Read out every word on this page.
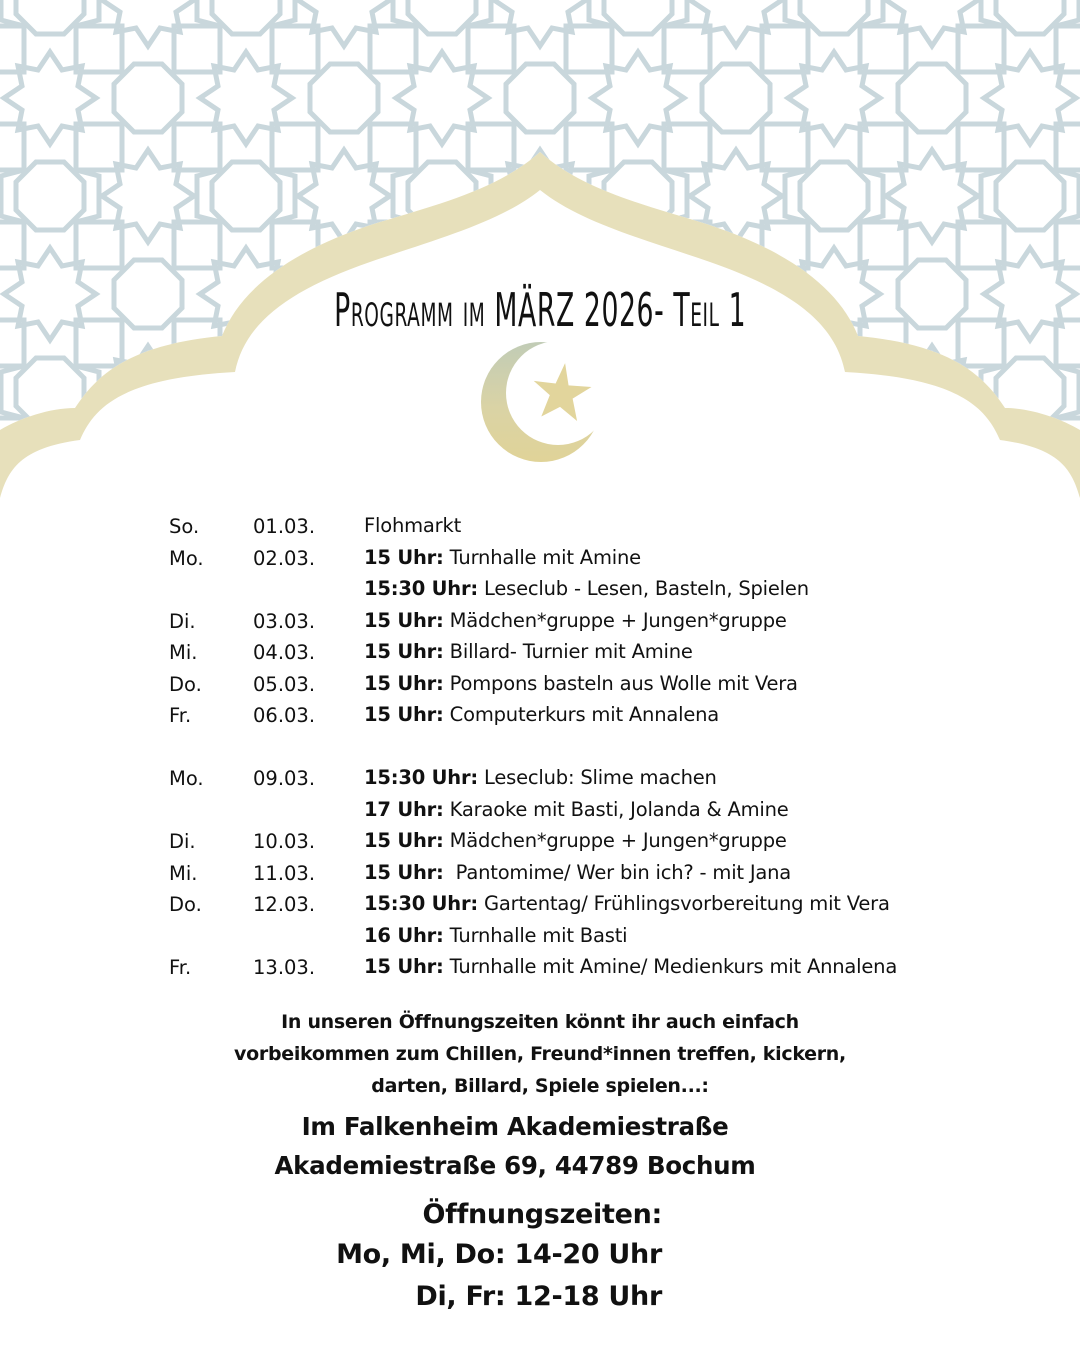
Programm im MÄRZ 2026- Teil 1
So.	01.03.	Flohmarkt
Mo.	02.03.	15 Uhr: Turnhalle mit Amine
15:30 Uhr: Leseclub - Lesen, Basteln, Spielen
Di.	03.03.	15 Uhr: Mädchen*gruppe + Jungen*gruppe
Mi.	04.03.	15 Uhr: Billard- Turnier mit Amine
Do.	05.03.	15 Uhr: Pompons basteln aus Wolle mit Vera
Fr.	06.03.	15 Uhr: Computerkurs mit Annalena
Mo.	09.03.	15:30 Uhr: Leseclub: Slime machen
17 Uhr: Karaoke mit Basti, Jolanda & Amine
Di.	10.03.	15 Uhr: Mädchen*gruppe + Jungen*gruppe
Mi.	11.03.	15 Uhr:  Pantomime/ Wer bin ich? - mit Jana
Do.	12.03.	15:30 Uhr: Gartentag/ Frühlingsvorbereitung mit Vera
16 Uhr: Turnhalle mit Basti
Fr.	13.03.	15 Uhr: Turnhalle mit Amine/ Medienkurs mit Annalena
In unseren Öffnungszeiten könnt ihr auch einfach
vorbeikommen zum Chillen, Freund*innen treffen, kickern,
darten, Billard, Spiele spielen...:
Im Falkenheim Akademiestraße
Akademiestraße 69, 44789 Bochum
Öffnungszeiten:
Mo, Mi, Do: 14-20 Uhr
Di, Fr: 12-18 Uhr
